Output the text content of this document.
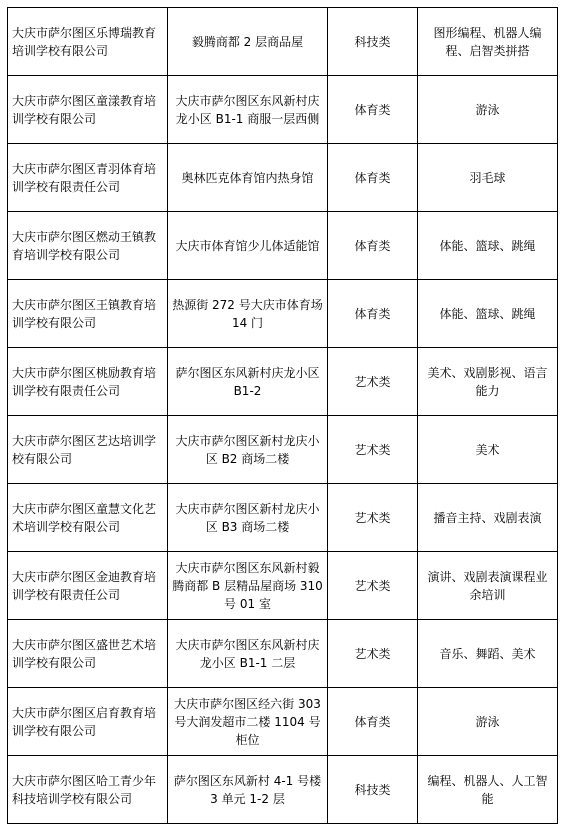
大庆市萨尔图区乐博瑞教育培训学校有限公司	毅腾商都 2 层商品屋	科技类	图形编程、机器人编程、启智类拼搭
大庆市萨尔图区童漾教育培训学校有限公司	大庆市萨尔图区东风新村庆龙小区 B1-1 商服一层西侧	体育类	游泳
大庆市萨尔图区青羽体育培训学校有限责任公司	奥林匹克体育馆内热身馆	体育类	羽毛球
大庆市萨尔图区燃动王镇教育培训学校有限公司	大庆市体育馆少儿体适能馆	体育类	体能、篮球、跳绳
大庆市萨尔图区王镇教育培训学校有限公司	热源街 272 号大庆市体育场 14 门	体育类	体能、篮球、跳绳
大庆市萨尔图区桃励教育培训学校有限责任公司	萨尔图区东风新村庆龙小区 B1-2	艺术类	美术、戏剧影视、语言能力
大庆市萨尔图区艺达培训学校有限公司	大庆市萨尔图区新村龙庆小区 B2 商场二楼	艺术类	美术
大庆市萨尔图区童慧文化艺术培训学校有限公司	大庆市萨尔图区新村龙庆小区 B3 商场二楼	艺术类	播音主持、戏剧表演
大庆市萨尔图区金迪教育培训学校有限责任公司	大庆市萨尔图区东风新村毅腾商都 B 层精品屋商场 310 号 01 室	艺术类	演讲、戏剧表演课程业余培训
大庆市萨尔图区盛世艺术培训学校有限公司	大庆市萨尔图区东风新村庆龙小区 B1-1 二层	艺术类	音乐、舞蹈、美术
大庆市萨尔图区启育教育培训学校有限公司	大庆市萨尔图区经六街 303 号大润发超市二楼 1104 号柜位	体育类	游泳
大庆市萨尔图区哈工青少年科技培训学校有限公司	萨尔图区东风新村 4-1 号楼 3 单元 1-2 层	科技类	编程、机器人、人工智能
